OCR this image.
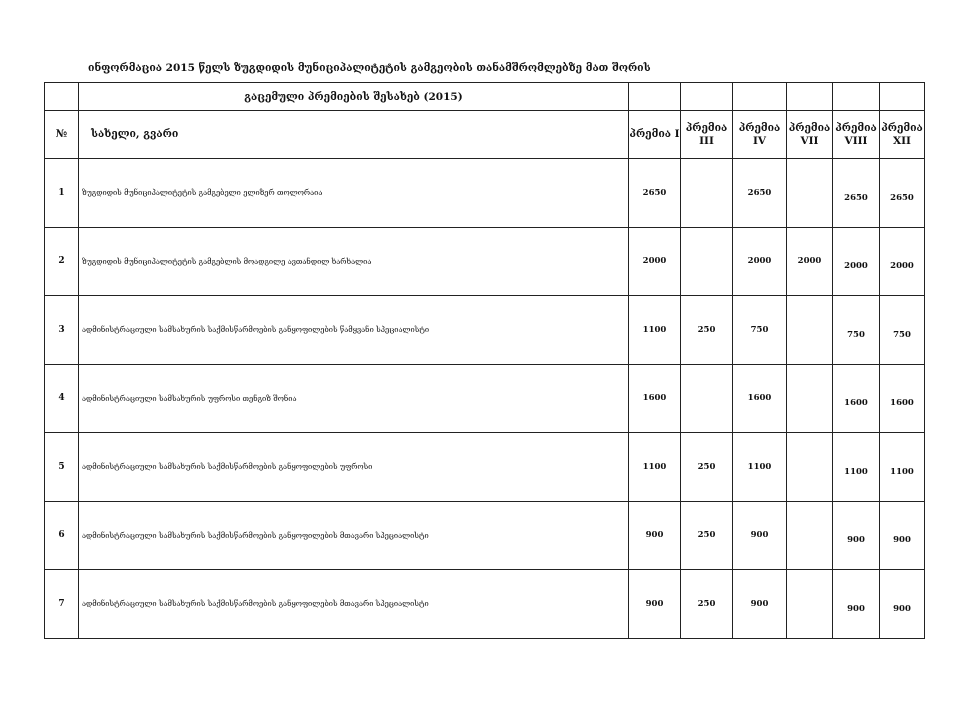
ინფორმაცია 2015 წელს ზუგდიდის მუნიციპალიტეტის გამგეობის თანამშრომლებზე მათ შორის
	გაცემული პრემიების შესახებ (2015)						
№	სახელი, გვარი	პრემია I	პრემია III	პრემია IV	პრემია VII	პრემია VIII	პრემია XII
1	ზუგდიდის მუნიციპალიტეტის გამგებელი ელიზერ თოლორაია	2650		2650		2650	2650
2	ზუგდიდის მუნიციპალიტეტის გამგებლის მოადგილე ავთანდილ ხარხალია	2000		2000	2000	2000	2000
3	ადმინისტრაციული სამსახურის საქმისწარმოების განყოფილების წამყვანი სპეციალისტი	1100	250	750		750	750
4	ადმინისტრაციული სამსახურის უფროსი თენგიზ შონია	1600		1600		1600	1600
5	ადმინისტრაციული სამსახურის საქმისწარმოების განყოფილების უფროსი	1100	250	1100		1100	1100
6	ადმინისტრაციული სამსახურის საქმისწარმოების განყოფილების მთავარი სპეციალისტი	900	250	900		900	900
7	ადმინისტრაციული სამსახურის საქმისწარმოების განყოფილების მთავარი სპეციალისტი	900	250	900		900	900
